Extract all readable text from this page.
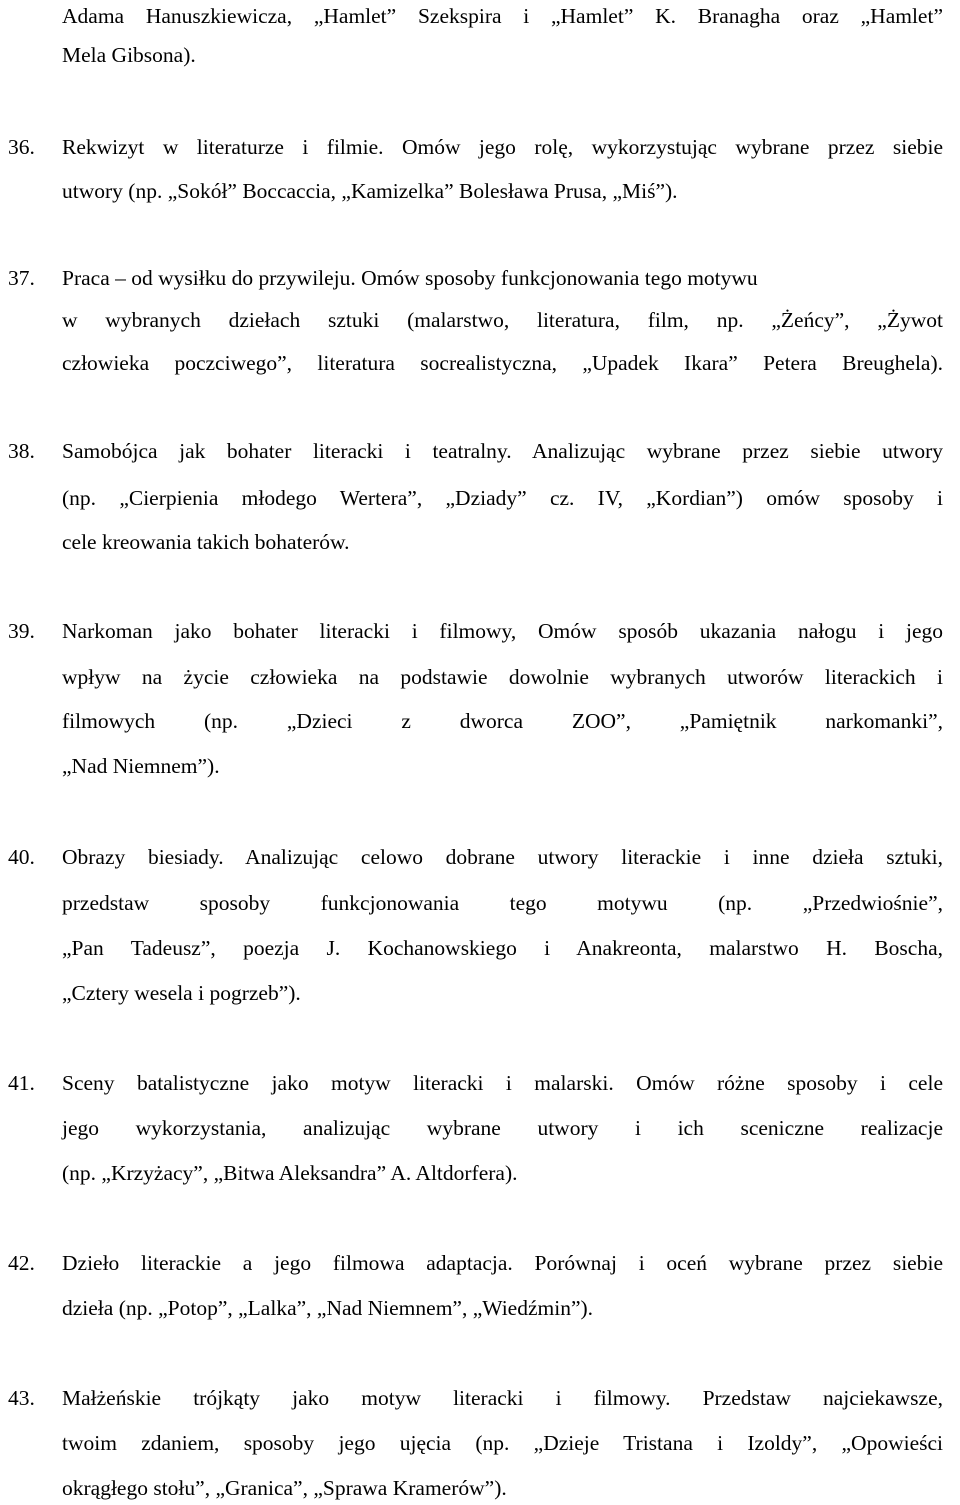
Adama Hanuszkiewicza, „Hamlet” Szekspira i „Hamlet” K. Branagha oraz „Hamlet”
Mela Gibsona).
36. Rekwizyt w literaturze i filmie. Omów jego rolę, wykorzystując wybrane przez siebie
utwory (np. „Sokół” Boccaccia, „Kamizelka” Bolesława Prusa, „Miś”).
37. Praca – od wysiłku do przywileju. Omów sposoby funkcjonowania tego motywu
w wybranych dziełach sztuki (malarstwo, literatura, film, np. „Żeńcy”, „Żywot
człowieka poczciwego”, literatura socrealistyczna, „Upadek Ikara” Petera Breughela).
38. Samobójca jak bohater literacki i teatralny. Analizując wybrane przez siebie utwory
(np. „Cierpienia młodego Wertera”, „Dziady” cz. IV, „Kordian”) omów sposoby i
cele kreowania takich bohaterów.
39. Narkoman jako bohater literacki i filmowy, Omów sposób ukazania nałogu i jego
wpływ na życie człowieka na podstawie dowolnie wybranych utworów literackich i
filmowych (np. „Dzieci z dworca ZOO”, „Pamiętnik narkomanki”,
„Nad Niemnem”).
40. Obrazy biesiady. Analizując celowo dobrane utwory literackie i inne dzieła sztuki,
przedstaw sposoby funkcjonowania tego motywu (np. „Przedwiośnie”,
„Pan Tadeusz”, poezja J. Kochanowskiego i Anakreonta, malarstwo H. Boscha,
„Cztery wesela i pogrzeb”).
41. Sceny batalistyczne jako motyw literacki i malarski. Omów różne sposoby i cele
jego wykorzystania, analizując wybrane utwory i ich sceniczne realizacje
(np. „Krzyżacy”, „Bitwa Aleksandra” A. Altdorfera).
42. Dzieło literackie a jego filmowa adaptacja. Porównaj i oceń wybrane przez siebie
dzieła (np. „Potop”, „Lalka”, „Nad Niemnem”, „Wiedźmin”).
43. Małżeńskie trójkąty jako motyw literacki i filmowy. Przedstaw najciekawsze,
twoim zdaniem, sposoby jego ujęcia (np. „Dzieje Tristana i Izoldy”, „Opowieści
okrągłego stołu”, „Granica”, „Sprawa Kramerów”).
